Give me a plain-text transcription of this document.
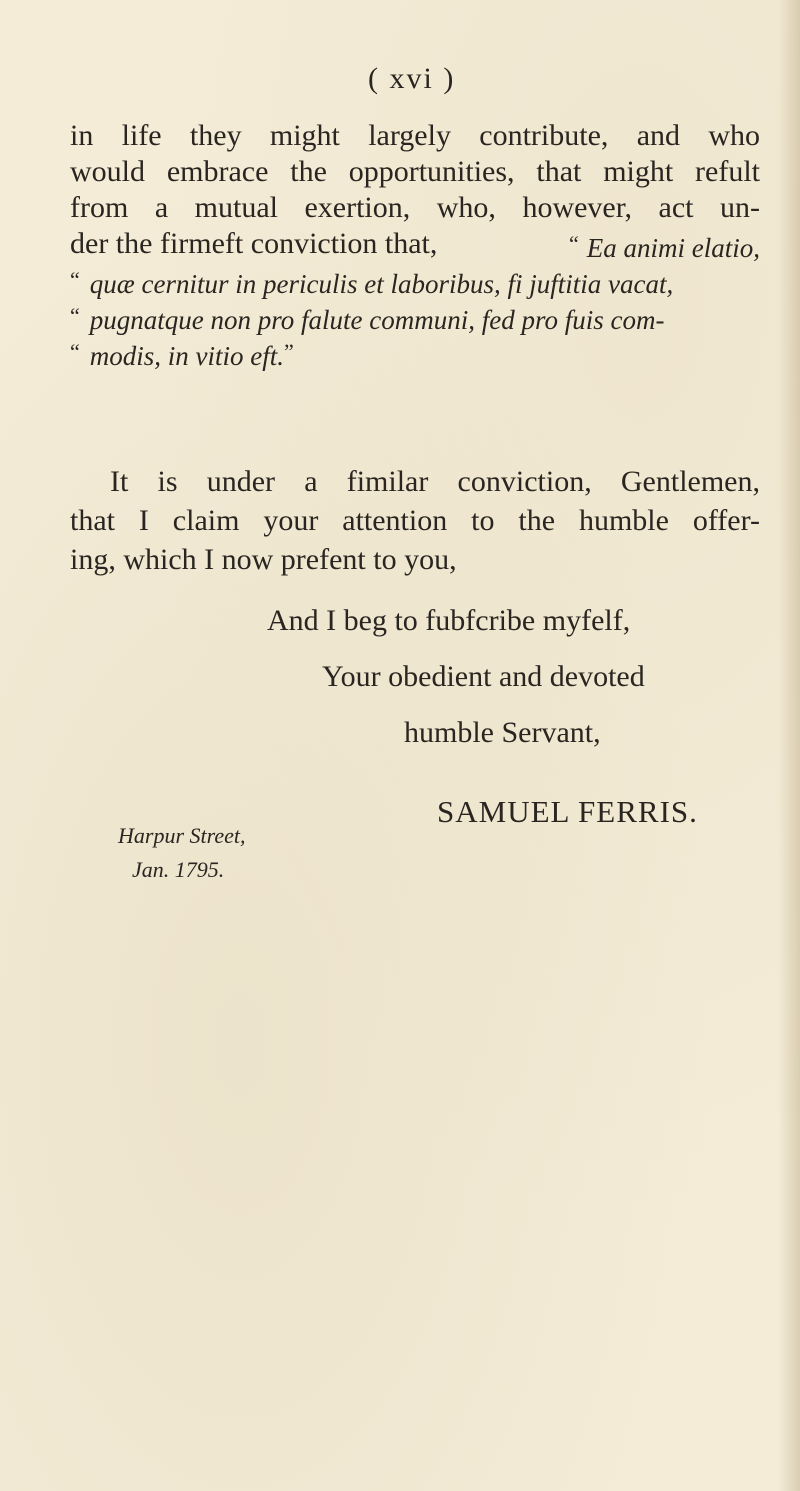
( xvi )
in life they might largely contribute, and who
would embrace the opportunities, that might refult
from a mutual exertion, who, however, act un-
der the firmeft conviction that,	“ Ea animi elatio,
“ quæ cernitur in periculis et laboribus, fi juftitia vacat,
“ pugnatque non pro falute communi, fed pro fuis com-
“ modis, in vitio eft.”
It is under a fimilar conviction, Gentlemen,
that I claim your attention to the humble offer-
ing, which I now prefent to you,
And I beg to fubfcribe myfelf,
Your obedient and devoted
humble Servant,
SAMUEL FERRIS.
Harpur Street,
Jan. 1795.
